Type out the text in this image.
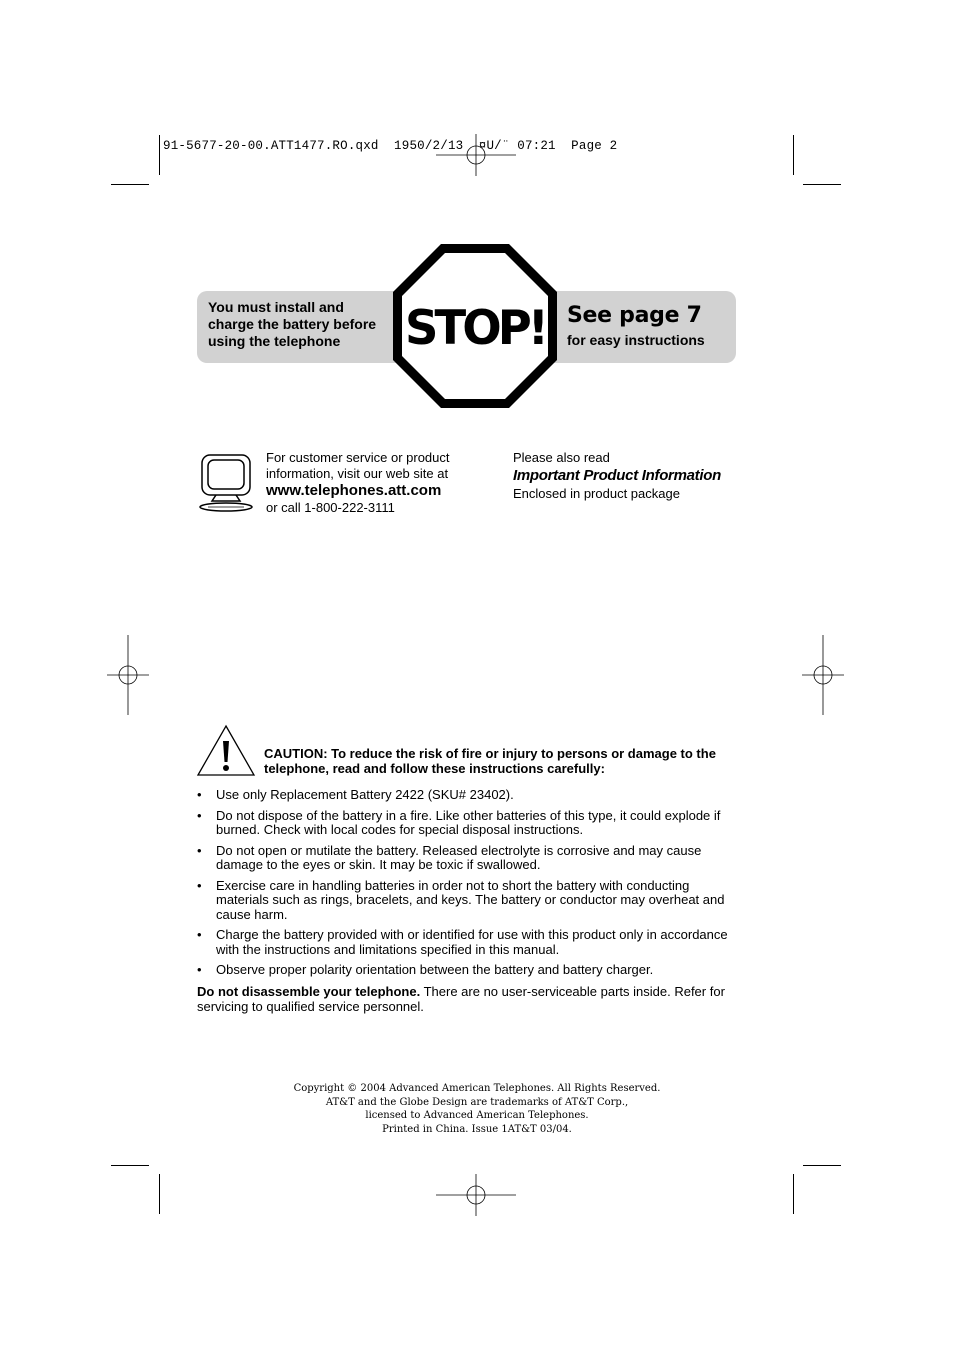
91-5677-20-00.ATT1477.RO.qxd  1950/2/13  ¤U/¨ 07:21  Page 2
You must install and
charge the battery before
using the telephone	STOP! See page 7
for easy instructions
For customer service or product
information, visit our web site at
www.telephones.att.com
or call 1-800-222-3111
Please also read
Important Product Information
Enclosed in product package
CAUTION: To reduce the risk of fire or injury to persons or damage to the telephone, read and follow these instructions carefully:
• Use only Replacement Battery 2422 (SKU# 23402).
• Do not dispose of the battery in a fire. Like other batteries of this type, it could explode if burned. Check with local codes for special disposal instructions.
• Do not open or mutilate the battery. Released electrolyte is corrosive and may cause damage to the eyes or skin. It may be toxic if swallowed.
• Exercise care in handling batteries in order not to short the battery with conducting materials such as rings, bracelets, and keys. The battery or conductor may overheat and cause harm.
• Charge the battery provided with or identified for use with this product only in accordance with the instructions and limitations specified in this manual.
• Observe proper polarity orientation between the battery and battery charger.
Do not disassemble your telephone. There are no user-serviceable parts inside. Refer for servicing to qualified service personnel.
Copyright © 2004 Advanced American Telephones. All Rights Reserved.
AT&T and the Globe Design are trademarks of AT&T Corp.,
licensed to Advanced American Telephones.
Printed in China. Issue 1AT&T 03/04.
